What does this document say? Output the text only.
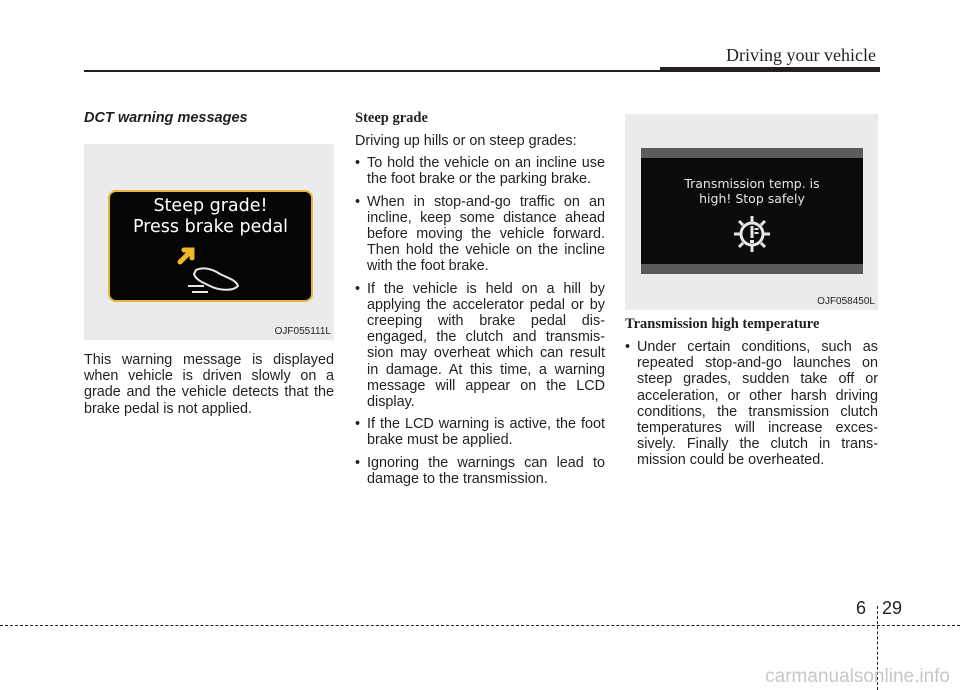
Driving your vehicle
DCT warning messages
Steep grade!
Press brake pedal
OJF055111L

This warning message is displayed when vehicle is driven slowly on a grade and the vehicle detects that the brake pedal is not applied.

Steep grade

Driving up hills or on steep grades:

• To hold the vehicle on an incline use the foot brake or the parking brake.
• When in stop-and-go traffic on an incline, keep some distance ahead before moving the vehicle forward. Then hold the vehicle on the incline with the foot brake.
• If the vehicle is held on a hill by applying the accelerator pedal or by creeping with brake pedal dis-engaged, the clutch and transmis-sion may overheat which can result in damage. At this time, a warning message will appear on the LCD display.
• If the LCD warning is active, the foot brake must be applied.
• Ignoring the warnings can lead to damage to the transmission.
Transmission temp. is
high! Stop safely
OJF058450L
Transmission high temperature
• Under certain conditions, such as repeated stop-and-go launches on steep grades, sudden take off or acceleration, or other harsh driving conditions, the transmission clutch temperatures will increase exces-sively. Finally the clutch in trans-mission could be overheated.
6 29
carmanualsonline.info
